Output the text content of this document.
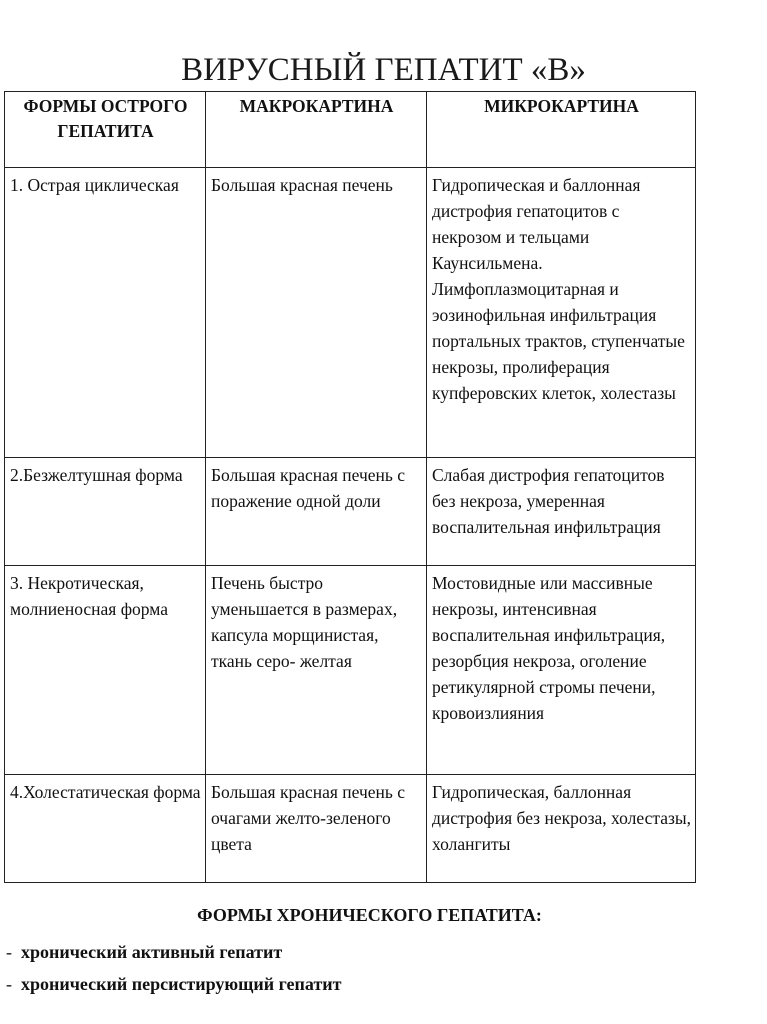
ВИРУСНЫЙ ГЕПАТИТ «В»
ФОРМЫ ОСТРОГО ГЕПАТИТА	МАКРОКАРТИНА	МИКРОКАРТИНА
1. Острая циклическая	Большая красная печень	Гидропическая и баллонная дистрофия гепатоцитов с некрозом и тельцами Каунсильмена. Лимфоплазмоцитарная и эозинофильная инфильтрация портальных трактов, ступенчатые некрозы, пролиферация купферовских клеток, холестазы
2.Безжелтушная форма	Большая красная печень с поражение одной доли	Слабая дистрофия гепатоцитов без некроза, умеренная воспалительная инфильтрация
3. Некротическая, молниеносная форма	Печень быстро уменьшается в размерах, капсула морщинистая, ткань серо- желтая	Мостовидные или массивные некрозы, интенсивная воспалительная инфильтрация, резорбция некроза, оголение ретикулярной стромы печени, кровоизлияния
4.Холестатическая форма	Большая красная печень с очагами желто-зеленого цвета	Гидропическая, баллонная дистрофия без некроза, холестазы, холангиты
ФОРМЫ ХРОНИЧЕСКОГО ГЕПАТИТА:
- хронический активный гепатит
- хронический персистирующий гепатит
